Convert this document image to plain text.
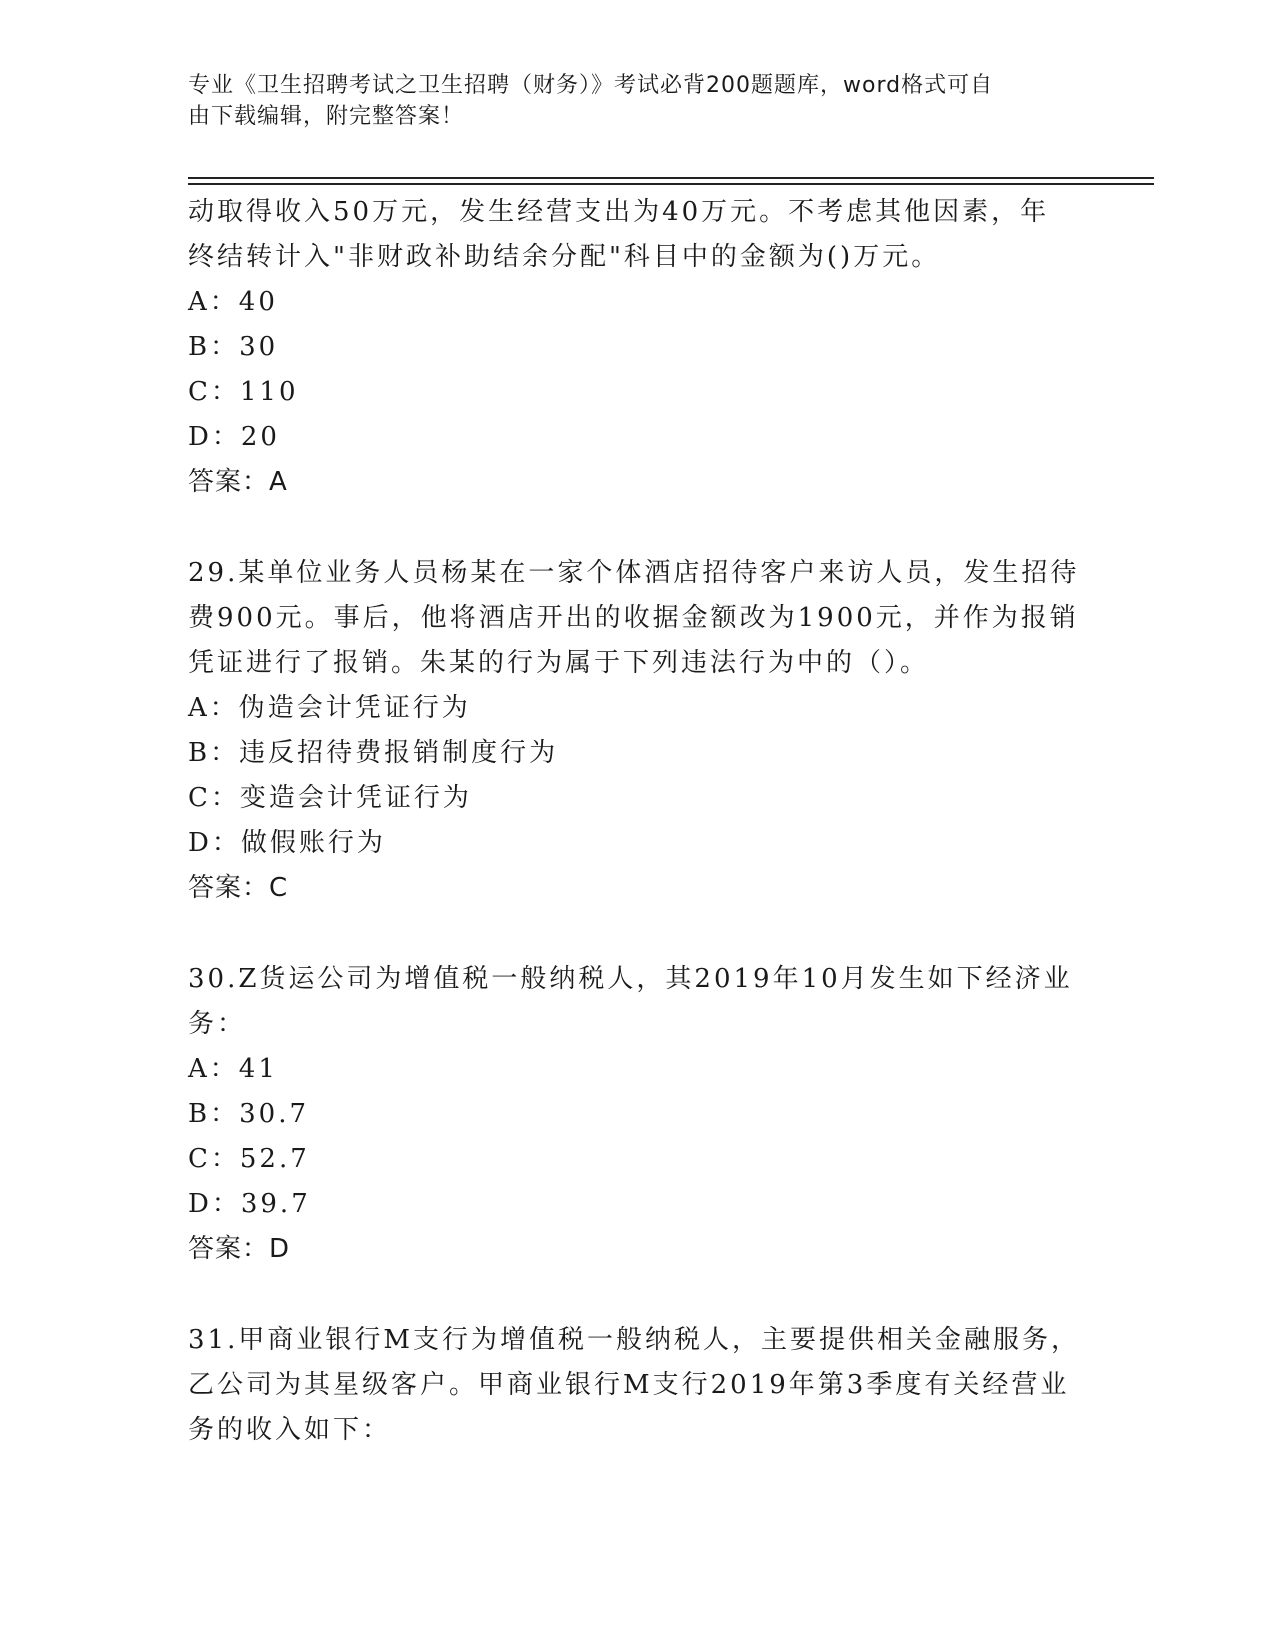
专业《卫生招聘考试之卫生招聘（财务）》考试必背200题题库，word格式可自
由下载编辑，附完整答案！
动取得收入50万元，发生经营支出为40万元。不考虑其他因素，年
终结转计入"非财政补助结余分配"科目中的金额为()万元。
A：40
B：30
C：110
D：20
答案：A
29.某单位业务人员杨某在一家个体酒店招待客户来访人员，发生招待
费900元。事后，他将酒店开出的收据金额改为1900元，并作为报销
凭证进行了报销。朱某的行为属于下列违法行为中的（）。
A：伪造会计凭证行为
B：违反招待费报销制度行为
C：变造会计凭证行为
D：做假账行为
答案：C
30.Z货运公司为增值税一般纳税人，其2019年10月发生如下经济业
务：
A：41
B：30.7
C：52.7
D：39.7
答案：D
31.甲商业银行M支行为增值税一般纳税人，主要提供相关金融服务，
乙公司为其星级客户。甲商业银行M支行2019年第3季度有关经营业
务的收入如下：
